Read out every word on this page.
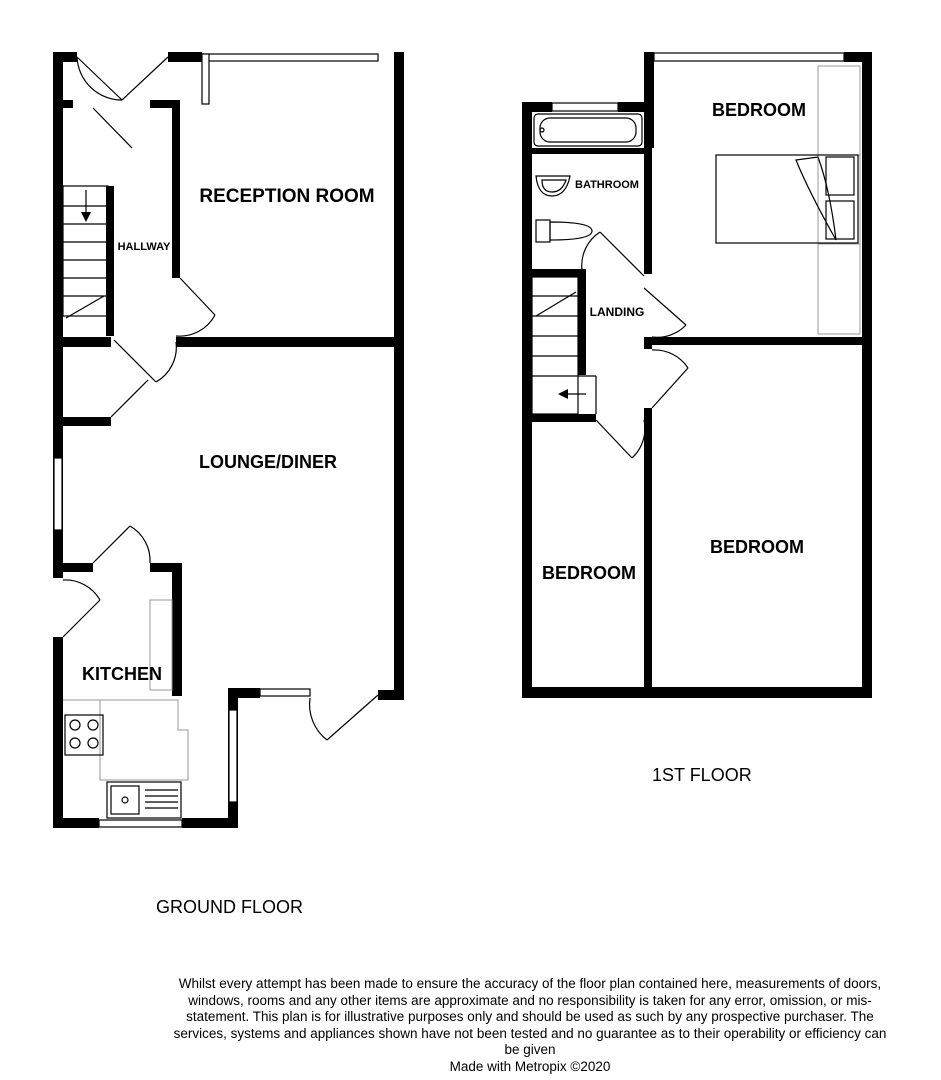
RECEPTION ROOM
HALLWAY
LOUNGE/DINER
KITCHEN
BEDROOM
BATHROOM
LANDING
BEDROOM
BEDROOM
GROUND FLOOR
1ST FLOOR
Whilst every attempt has been made to ensure the accuracy of the floor plan contained here, measurements of doors, windows, rooms and any other items are approximate and no responsibility is taken for any error, omission, or mis-statement. This plan is for illustrative purposes only and should be used as such by any prospective purchaser. The services, systems and appliances shown have not been tested and no guarantee as to their operability or efficiency can be given
Made with Metropix ©2020
